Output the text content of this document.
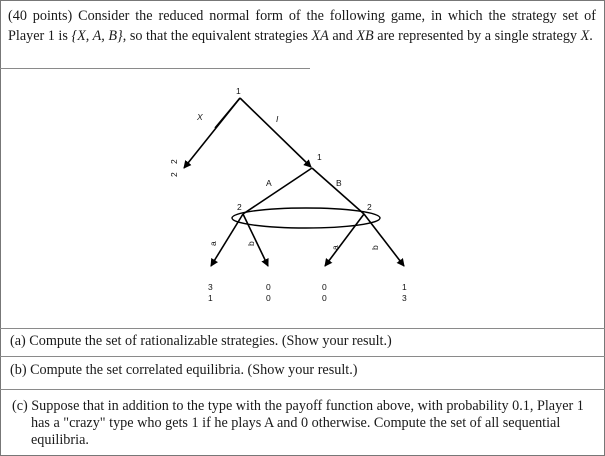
(40 points) Consider the reduced normal form of the following game, in which the strategy set of Player 1 is {X, A, B}, so that the equivalent strategies XA and XB are represented by a single strategy X.
1
X	I
2
2
1
A	B
2	2
a	b
a	b
3
1
0
0
0
0
1
3
(a) Compute the set of rationalizable strategies. (Show your result.)
(b) Compute the set correlated equilibria. (Show your result.)
(c) Suppose that in addition to the type with the payoff function above, with probability 0.1, Player 1 has a "crazy" type who gets 1 if he plays A and 0 otherwise. Compute the set of all sequential equilibria.
